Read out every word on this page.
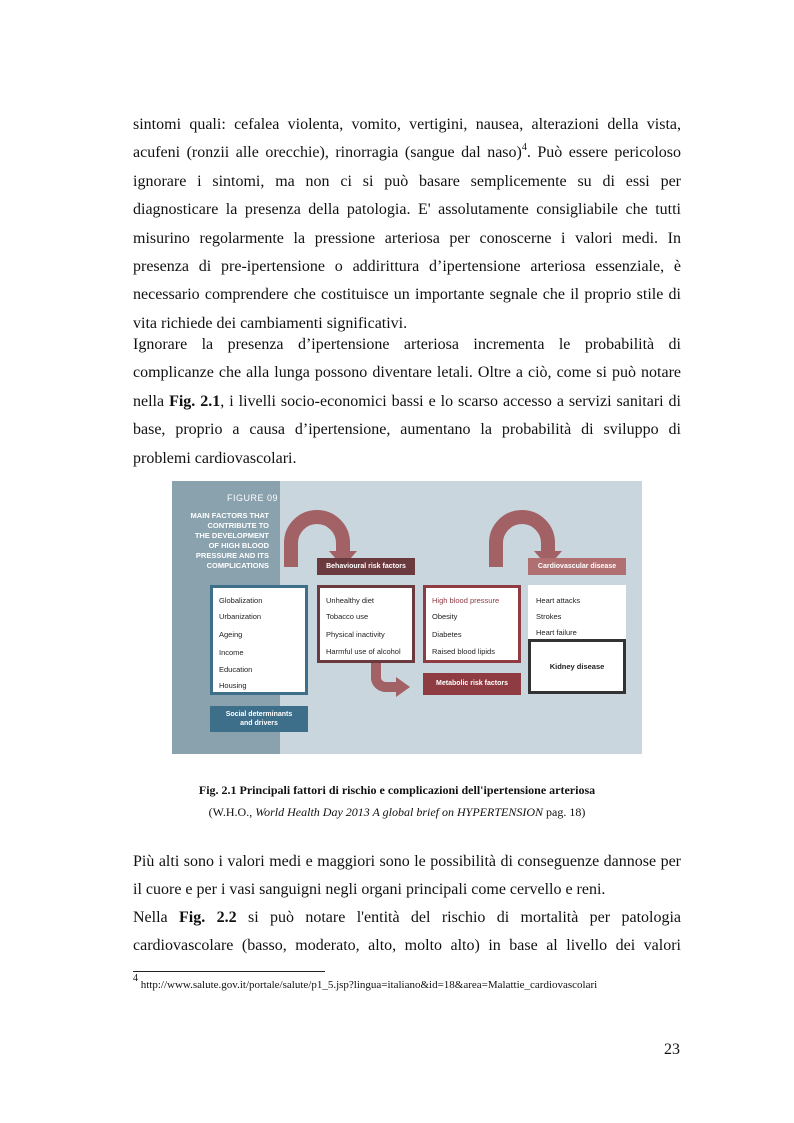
sintomi quali: cefalea violenta, vomito, vertigini, nausea, alterazioni della vista,
acufeni (ronzii alle orecchie), rinorragia (sangue dal naso)$^4$. Può essere pericoloso
ignorare i sintomi, ma non ci si può basare semplicemente su di essi per
diagnosticare la presenza della patologia. E' assolutamente consigliabile che tutti
misurino regolarmente la pressione arteriosa per conoscerne i valori medi. In
presenza di pre-ipertensione o addirittura d’ipertensione arteriosa essenziale, è
necessario comprendere che costituisce un importante segnale che il proprio stile di
vita richiede dei cambiamenti significativi.
Ignorare la presenza d’ipertensione arteriosa incrementa le probabilità di
complicanze che alla lunga possono diventare letali. Oltre a ciò, come si può notare
nella Fig. 2.1, i livelli socio-economici bassi e lo scarso accesso a servizi sanitari di
base, proprio a causa d’ipertensione, aumentano la probabilità di sviluppo di
problemi cardiovascolari.
FIGURE 09
MAIN FACTORS THAT
CONTRIBUTE TO
THE DEVELOPMENT
OF HIGH BLOOD
PRESSURE AND ITS
COMPLICATIONS
Globalization
Urbanization
Ageing
Income
Education
Housing
Social determinants
and drivers
Behavioural risk factors
Unhealthy diet
Tobacco use
Physical inactivity
Harmful use of alcohol
High blood pressure
Obesity
Diabetes
Raised blood lipids
Metabolic risk factors
Cardiovascular disease
Heart attacks
Strokes
Heart failure
Kidney disease
Fig. 2.1 Principali fattori di rischio e complicazioni dell'ipertensione arteriosa
(W.H.O., World Health Day 2013 A global brief on HYPERTENSION pag. 18)
Più alti sono i valori medi e maggiori sono le possibilità di conseguenze dannose per
il cuore e per i vasi sanguigni negli organi principali come cervello e reni.
Nella Fig. 2.2 si può notare l'entità del rischio di mortalità per patologia
cardiovascolare (basso, moderato, alto, molto alto) in base al livello dei valori
$^4$ http://www.salute.gov.it/portale/salute/p1_5.jsp?lingua=italiano&id=18&area=Malattie_cardiovascolari
23
